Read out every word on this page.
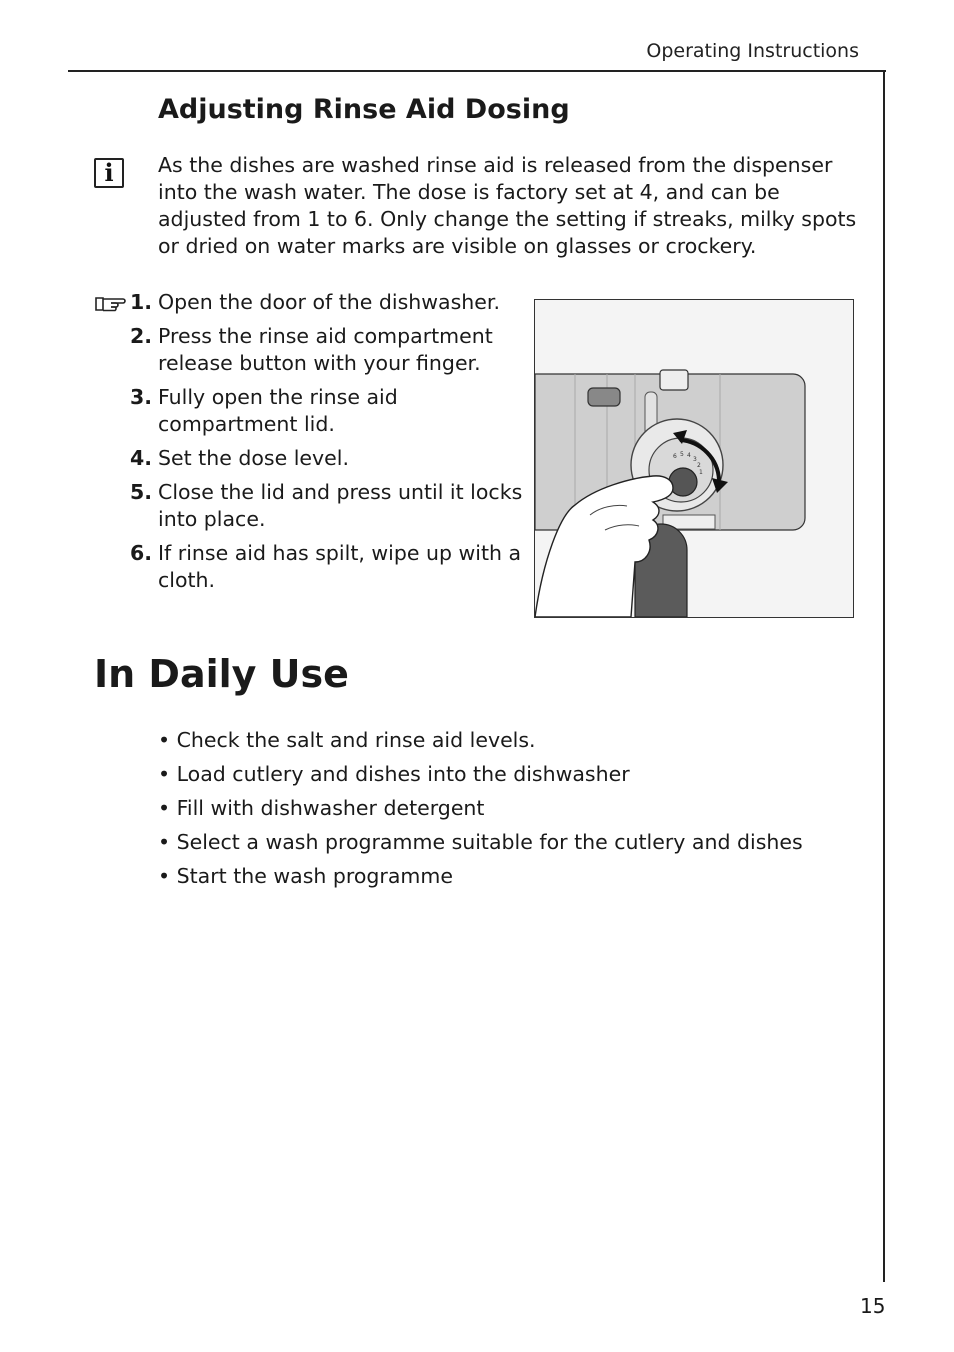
Operating Instructions
Adjusting Rinse Aid Dosing
i	As the dishes are washed rinse aid is released from the dispenser into the wash water. The dose is factory set at 4, and can be adjusted from 1 to 6. Only change the setting if streaks, milky spots or dried on water marks are visible on glasses or crockery.

1. Open the door of the dishwasher.
2. Press the rinse aid compartment release button with your finger.
3. Fully open the rinse aid compartment lid.
4. Set the dose level.
5. Close the lid and press until it locks into place.
6. If rinse aid has spilt, wipe up with a cloth.
6 5 4
3
2
1
In Daily Use
• Check the salt and rinse aid levels.
• Load cutlery and dishes into the dishwasher
• Fill with dishwasher detergent
• Select a wash programme suitable for the cutlery and dishes
• Start the wash programme
15
